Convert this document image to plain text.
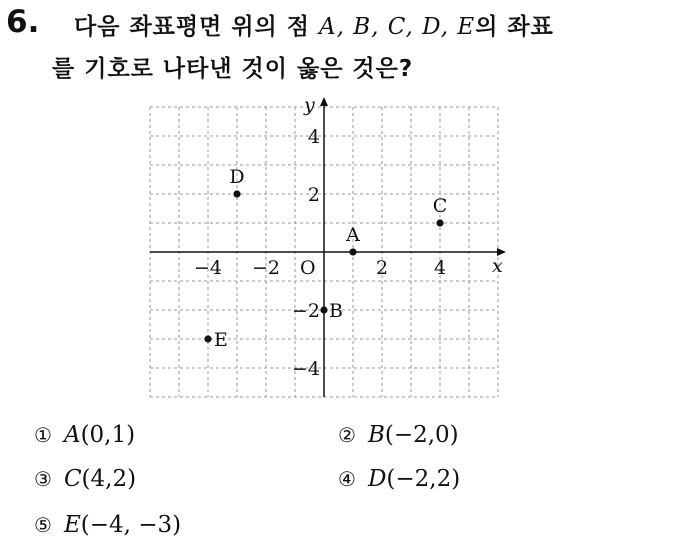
6. 다음 좌표평면 위의 점 A, B, C, D, E의 좌표
를 기호로 나타낸 것이 옳은 것은?
x
y
O
−4 −2	2 4
4
2
−2
−4
A
B
C
D
E
① A(0,1)	② B(−2,0)
③ C(4,2)	④ D(−2,2)
⑤ E(−4, −3)
